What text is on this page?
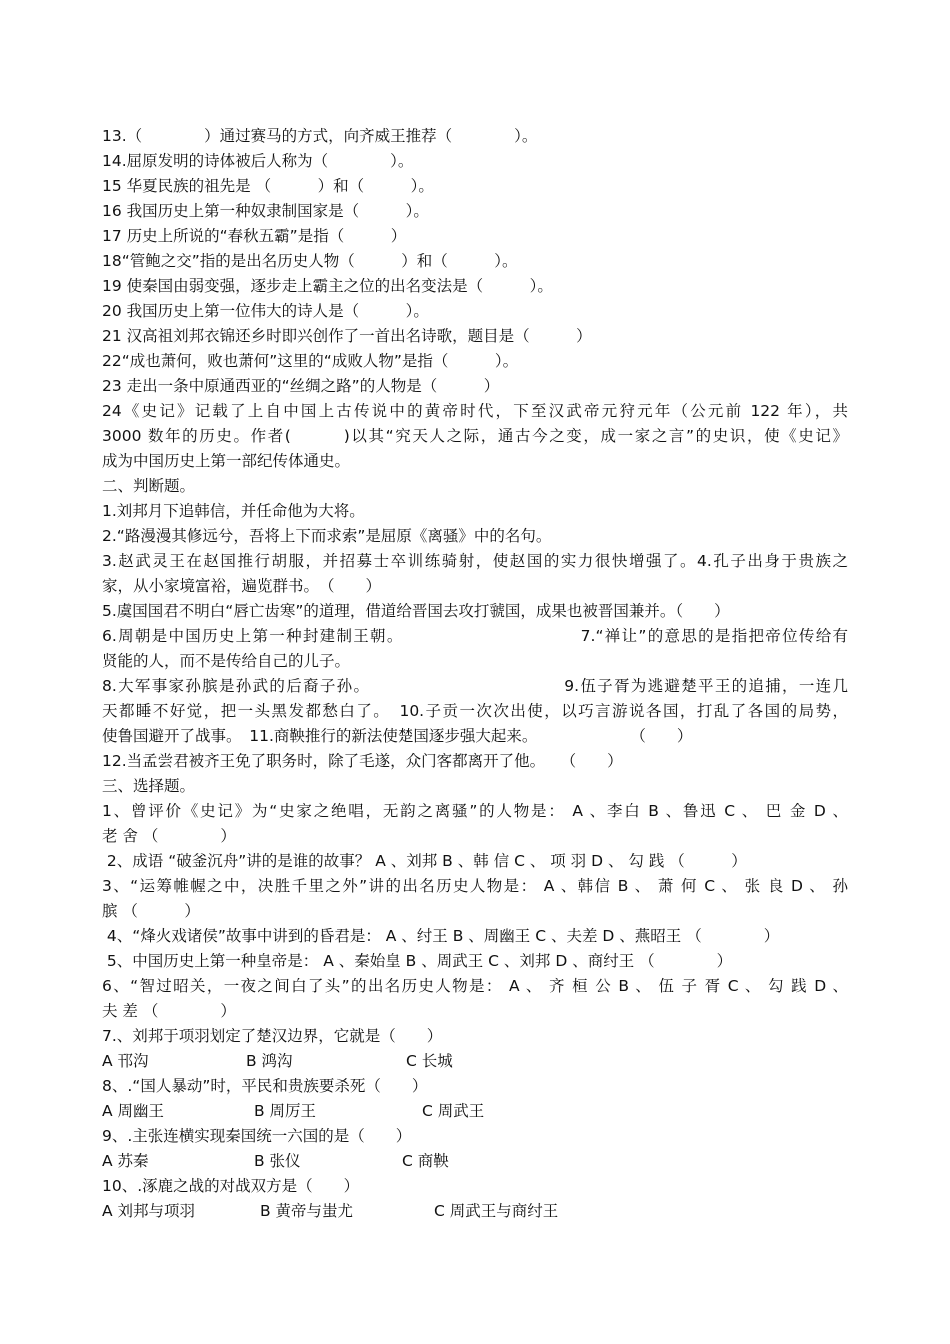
13.（　　　　）通过赛马的方式，向齐威王推荐（　　　　）。

14.屈原发明的诗体被后人称为（　　　　）。

15 华夏民族的祖先是 （　　　）和（　　　）。

16 我国历史上第一种奴隶制国家是（　　　）。

17 历史上所说的“春秋五霸”是指（　　　）

18“管鲍之交”指的是出名历史人物（　　　）和（　　　）。

19 使秦国由弱变强，逐步走上霸主之位的出名变法是（　　　）。

20 我国历史上第一位伟大的诗人是（　　　）。

21 汉高祖刘邦衣锦还乡时即兴创作了一首出名诗歌，题目是（　　　）

22“成也萧何，败也萧何”这里的“成败人物”是指（　　　）。

23 走出一条中原通西亚的“丝绸之路”的人物是（　　　）

24《史记》记载了上自中国上古传说中的黄帝时代，下至汉武帝元狩元年（公元前 122 年），共

3000 数年的历史。作者(　　　)以其“究天人之际，通古今之变，成一家之言”的史识，使《史记》

成为中国历史上第一部纪传体通史。

二、判断题。

1.刘邦月下追韩信，并任命他为大将。

2.“路漫漫其修远兮，吾将上下而求索”是屈原《离骚》中的名句。

3.赵武灵王在赵国推行胡服，并招募士卒训练骑射，使赵国的实力很快增强了。4.孔子出身于贵族之

家，从小家境富裕，遍览群书。　（　　）

5.虞国国君不明白“唇亡齿寒”的道理，借道给晋国去攻打虢国，成果也被晋国兼并。（　　）

6.周朝是中国历史上第一种封建制王朝。　　　　　　　　　　　7.“禅让”的意思的是指把帝位传给有

贤能的人，而不是传给自己的儿子。

8.大军事家孙膑是孙武的后裔子孙。　　　　　　　　　　　　9.伍子胥为逃避楚平王的追捕，一连几

天都睡不好觉，把一头黑发都愁白了。　10.子贡一次次出使，以巧言游说各国，打乱了各国的局势，

使鲁国避开了战事。　11.商鞅推行的新法使楚国逐步强大起来。　　　　　　　（　　）

12.当孟尝君被齐王免了职务时，除了毛遂，众门客都离开了他。　　（　　）

三、选择题。

1、曾评价《史记》为“史家之绝唱，无韵之离骚”的人物是： A 、李白 B 、鲁迅 C 、 巴 金 D 、

老 舍 （　　　　）

2、成语 “破釜沉舟”讲的是谁的故事？ A 、刘邦 B 、韩 信 C 、 项 羽 D 、 勾 践 （　　　）

3、“运筹帷幄之中，决胜千里之外”讲的出名历史人物是： A 、韩信 B 、 萧 何 C 、 张 良 D 、 孙

膑 （　　　）

4、“烽火戏诸侯”故事中讲到的昏君是： A 、纣王 B 、周幽王 C 、夫差 D 、燕昭王 （　　　　）

5、中国历史上第一种皇帝是： A 、秦始皇 B 、周武王 C 、刘邦 D 、商纣王 （　　　　）

6、“智过昭关，一夜之间白了头”的出名历史人物是： A 、 齐 桓 公 B 、 伍 子 胥 C 、 勾 践 D 、

夫 差 （　　　　）

7.、刘邦于项羽划定了楚汉边界，它就是（　　）

A 邗沟	B 鸿沟	C 长城

8、.“国人暴动”时，平民和贵族要杀死（　　）

A 周幽王	B 周厉王	C 周武王

9、.主张连横实现秦国统一六国的是（　　）

A 苏秦	B 张仪	C 商鞅

10、.涿鹿之战的对战双方是（　　）

A 刘邦与项羽	B 黄帝与蚩尤	C 周武王与商纣王
